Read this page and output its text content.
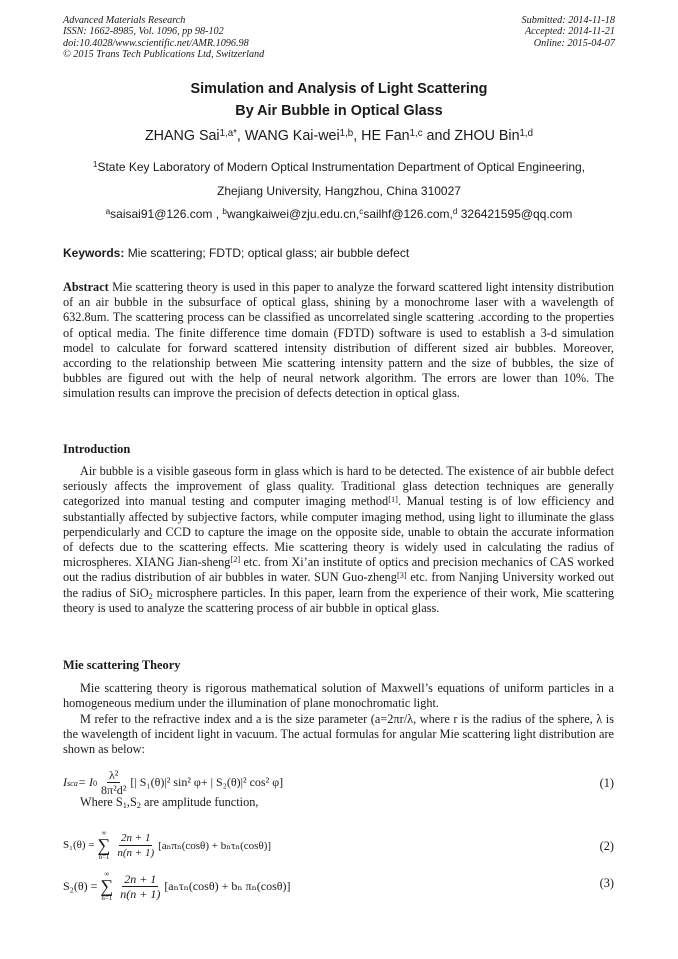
Advanced Materials Research
ISSN: 1662-8985, Vol. 1096, pp 98-102
doi:10.4028/www.scientific.net/AMR.1096.98
© 2015 Trans Tech Publications Ltd, Switzerland
Submitted: 2014-11-18
Accepted: 2014-11-21
Online: 2015-04-07
Simulation and Analysis of Light Scattering
By Air Bubble in Optical Glass
ZHANG Sai$^{1,a*}$, WANG Kai-wei$^{1,b}$, HE Fan$^{1,c}$ and ZHOU Bin$^{1,d}$
$^1$State Key Laboratory of Modern Optical Instrumentation Department of Optical Engineering,
Zhejiang University, Hangzhou, China 310027
$^a$saisai91@126.com , $^b$wangkaiwei@zju.edu.cn,$^c$sailhf@126.com,$^d$ 326421595@qq.com
Keywords: Mie scattering; FDTD; optical glass; air bubble defect
Abstract Mie scattering theory is used in this paper to analyze the forward scattered light intensity distribution of an air bubble in the subsurface of optical glass, shining by a monochrome laser with a wavelength of 632.8um. The scattering process can be classified as uncorrelated single scattering .according to the properties of optical media. The finite difference time domain (FDTD) software is used to establish a 3-d simulation model to calculate for forward scattered intensity distribution of different sized air bubbles. Moreover, according to the relationship between Mie scattering intensity pattern and the size of bubbles, the size of bubbles are figured out with the help of neural network algorithm. The errors are lower than 10%. The simulation results can improve the precision of defects detection in optical glass.
Introduction
Air bubble is a visible gaseous form in glass which is hard to be detected. The existence of air bubble defect seriously affects the improvement of glass quality. Traditional glass detection techniques are generally categorized into manual testing and computer imaging method[1]. Manual testing is of low efficiency and substantially affected by subjective factors, while computer imaging method, using light to illuminate the glass perpendicularly and CCD to capture the image on the opposite side, unable to obtain the accurate information of defects due to the scattering effects. Mie scattering theory is widely used in calculating the radius of microspheres. XIANG Jian-sheng[2] etc. from Xi’an institute of optics and precision mechanics of CAS worked out the radius distribution of air bubbles in water. SUN Guo-zheng[3] etc. from Nanjing University worked out the radius of SiO$_2$ microsphere particles. In this paper, learn from the experience of their work, Mie scattering theory is used to analyze the scattering process of air bubble in optical glass.
Mie scattering Theory
Mie scattering theory is rigorous mathematical solution of Maxwell’s equations of uniform particles in a homogeneous medium under the illumination of plane monochromatic light.
M refer to the refractive index and a is the size parameter (a=2πr/λ, where r is the radius of the sphere, λ is the wavelength of incident light in vacuum. The actual formulas for angular Mie scattering light distribution are shown as below:
I $_{sca} = I_0 \frac{\text{λ²}}{\text{8π²d²}}$ [| S₁(θ)|² sin² φ+ | S₂(θ)|² cos² φ]	(1)
Where $S_1,S_2$ are amplitude function,
S₁(θ) =
∞
∑
$n=1 \frac{2n + 1}{n(n + 1)} [a_n\pi_n(\cos\theta) + b_n\tau_n(\cos\theta)]$	(2)
S₂(θ) =
∞
∑
$n=1 \frac{2n + 1}{n(n + 1)} [a_n\tau_n(\cos\theta) + b_n$ πₙ(cosθ)]	(3)
